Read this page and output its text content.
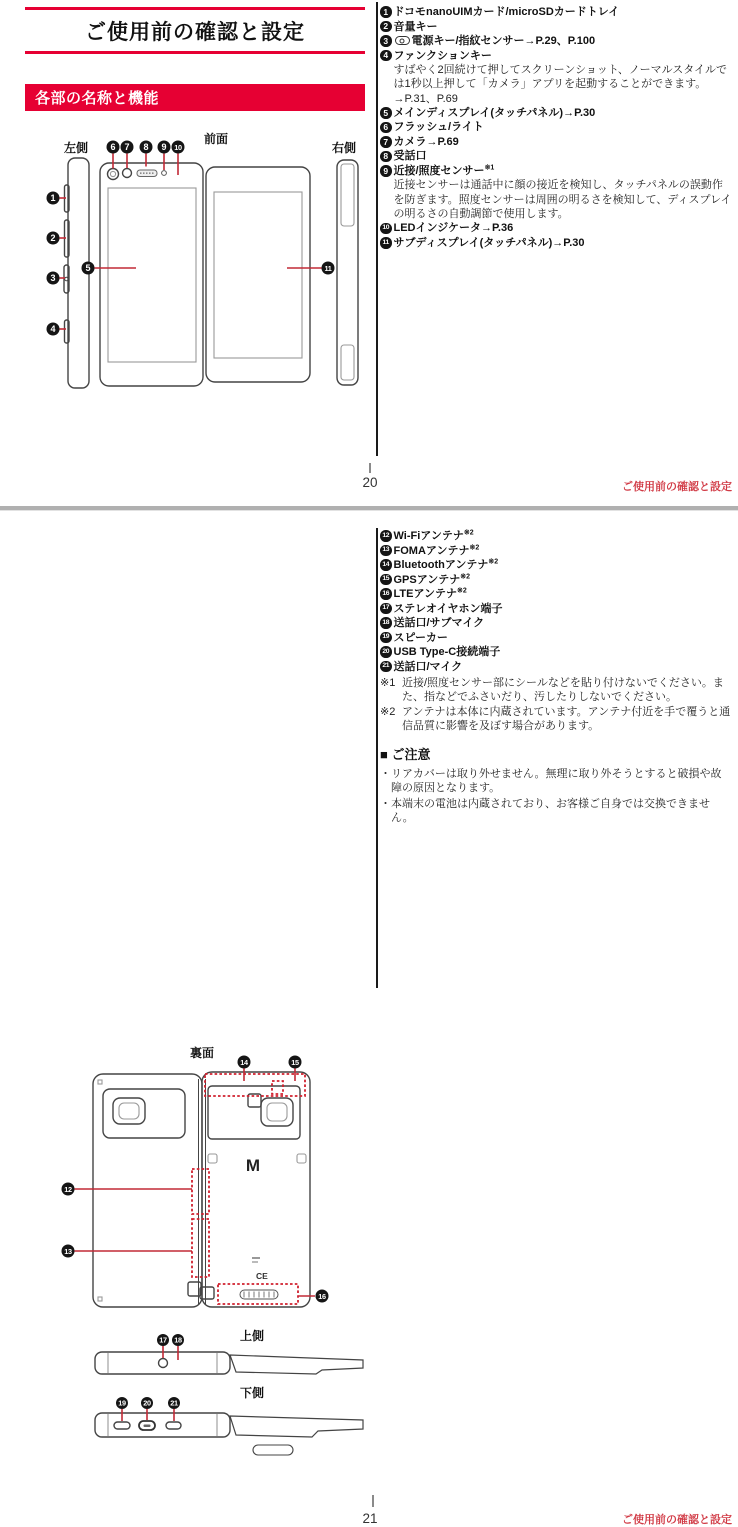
ご使用前の確認と設定
各部の名称と機能
左側
前面
右側
1
2
3
4
5
6 7 8 9 10
11
1 ドコモnanoUIMカード/microSDカードトレイ
2 音量キー
3	電源キー/指紋センサー→P.29、P.100
4 ファンクションキー
すばやく2回続けて押してスクリーンショット、ノーマルスタイルでは1秒以上押して「カメラ」アプリを起動することができます。→P.31、P.69
5 メインディスプレイ(タッチパネル)→P.30
6 フラッシュ/ライト
7 カメラ→P.69
8 受話口
9 近接/照度センサー$^{※1}$
近接センサーは通話中に顔の接近を検知し、タッチパネルの誤動作を防ぎます。照度センサーは周囲の明るさを検知して、ディスプレイの明るさの自動調節で使用します。
10 LEDインジケータ→P.36
11 サブディスプレイ(タッチパネル)→P.30
20	ご使用前の確認と設定
裏面
M
CE
12
13
14	15
16
上側
17 18
下側
19 20	21
12 Wi-Fiアンテナ$^{※2}$
13 FOMAアンテナ$^{※2}$
14 Bluetoothアンテナ$^{※2}$
15 GPSアンテナ$^{※2}$
16 LTEアンテナ$^{※2}$
17 ステレオイヤホン端子
18 送話口/サブマイク
19 スピーカー
20 USB Type-C接続端子
21 送話口/マイク
※1 近接/照度センサー部にシールなどを貼り付けないでください。また、指などでふさいだり、汚したりしないでください。
※2 アンテナは本体に内蔵されています。アンテナ付近を手で覆うと通信品質に影響を及ぼす場合があります。
■ ご注意
・ リアカバーは取り外せません。無理に取り外そうとすると破損や故障の原因となります。
・ 本端末の電池は内蔵されており、お客様ご自身では交換できません。
21	ご使用前の確認と設定
